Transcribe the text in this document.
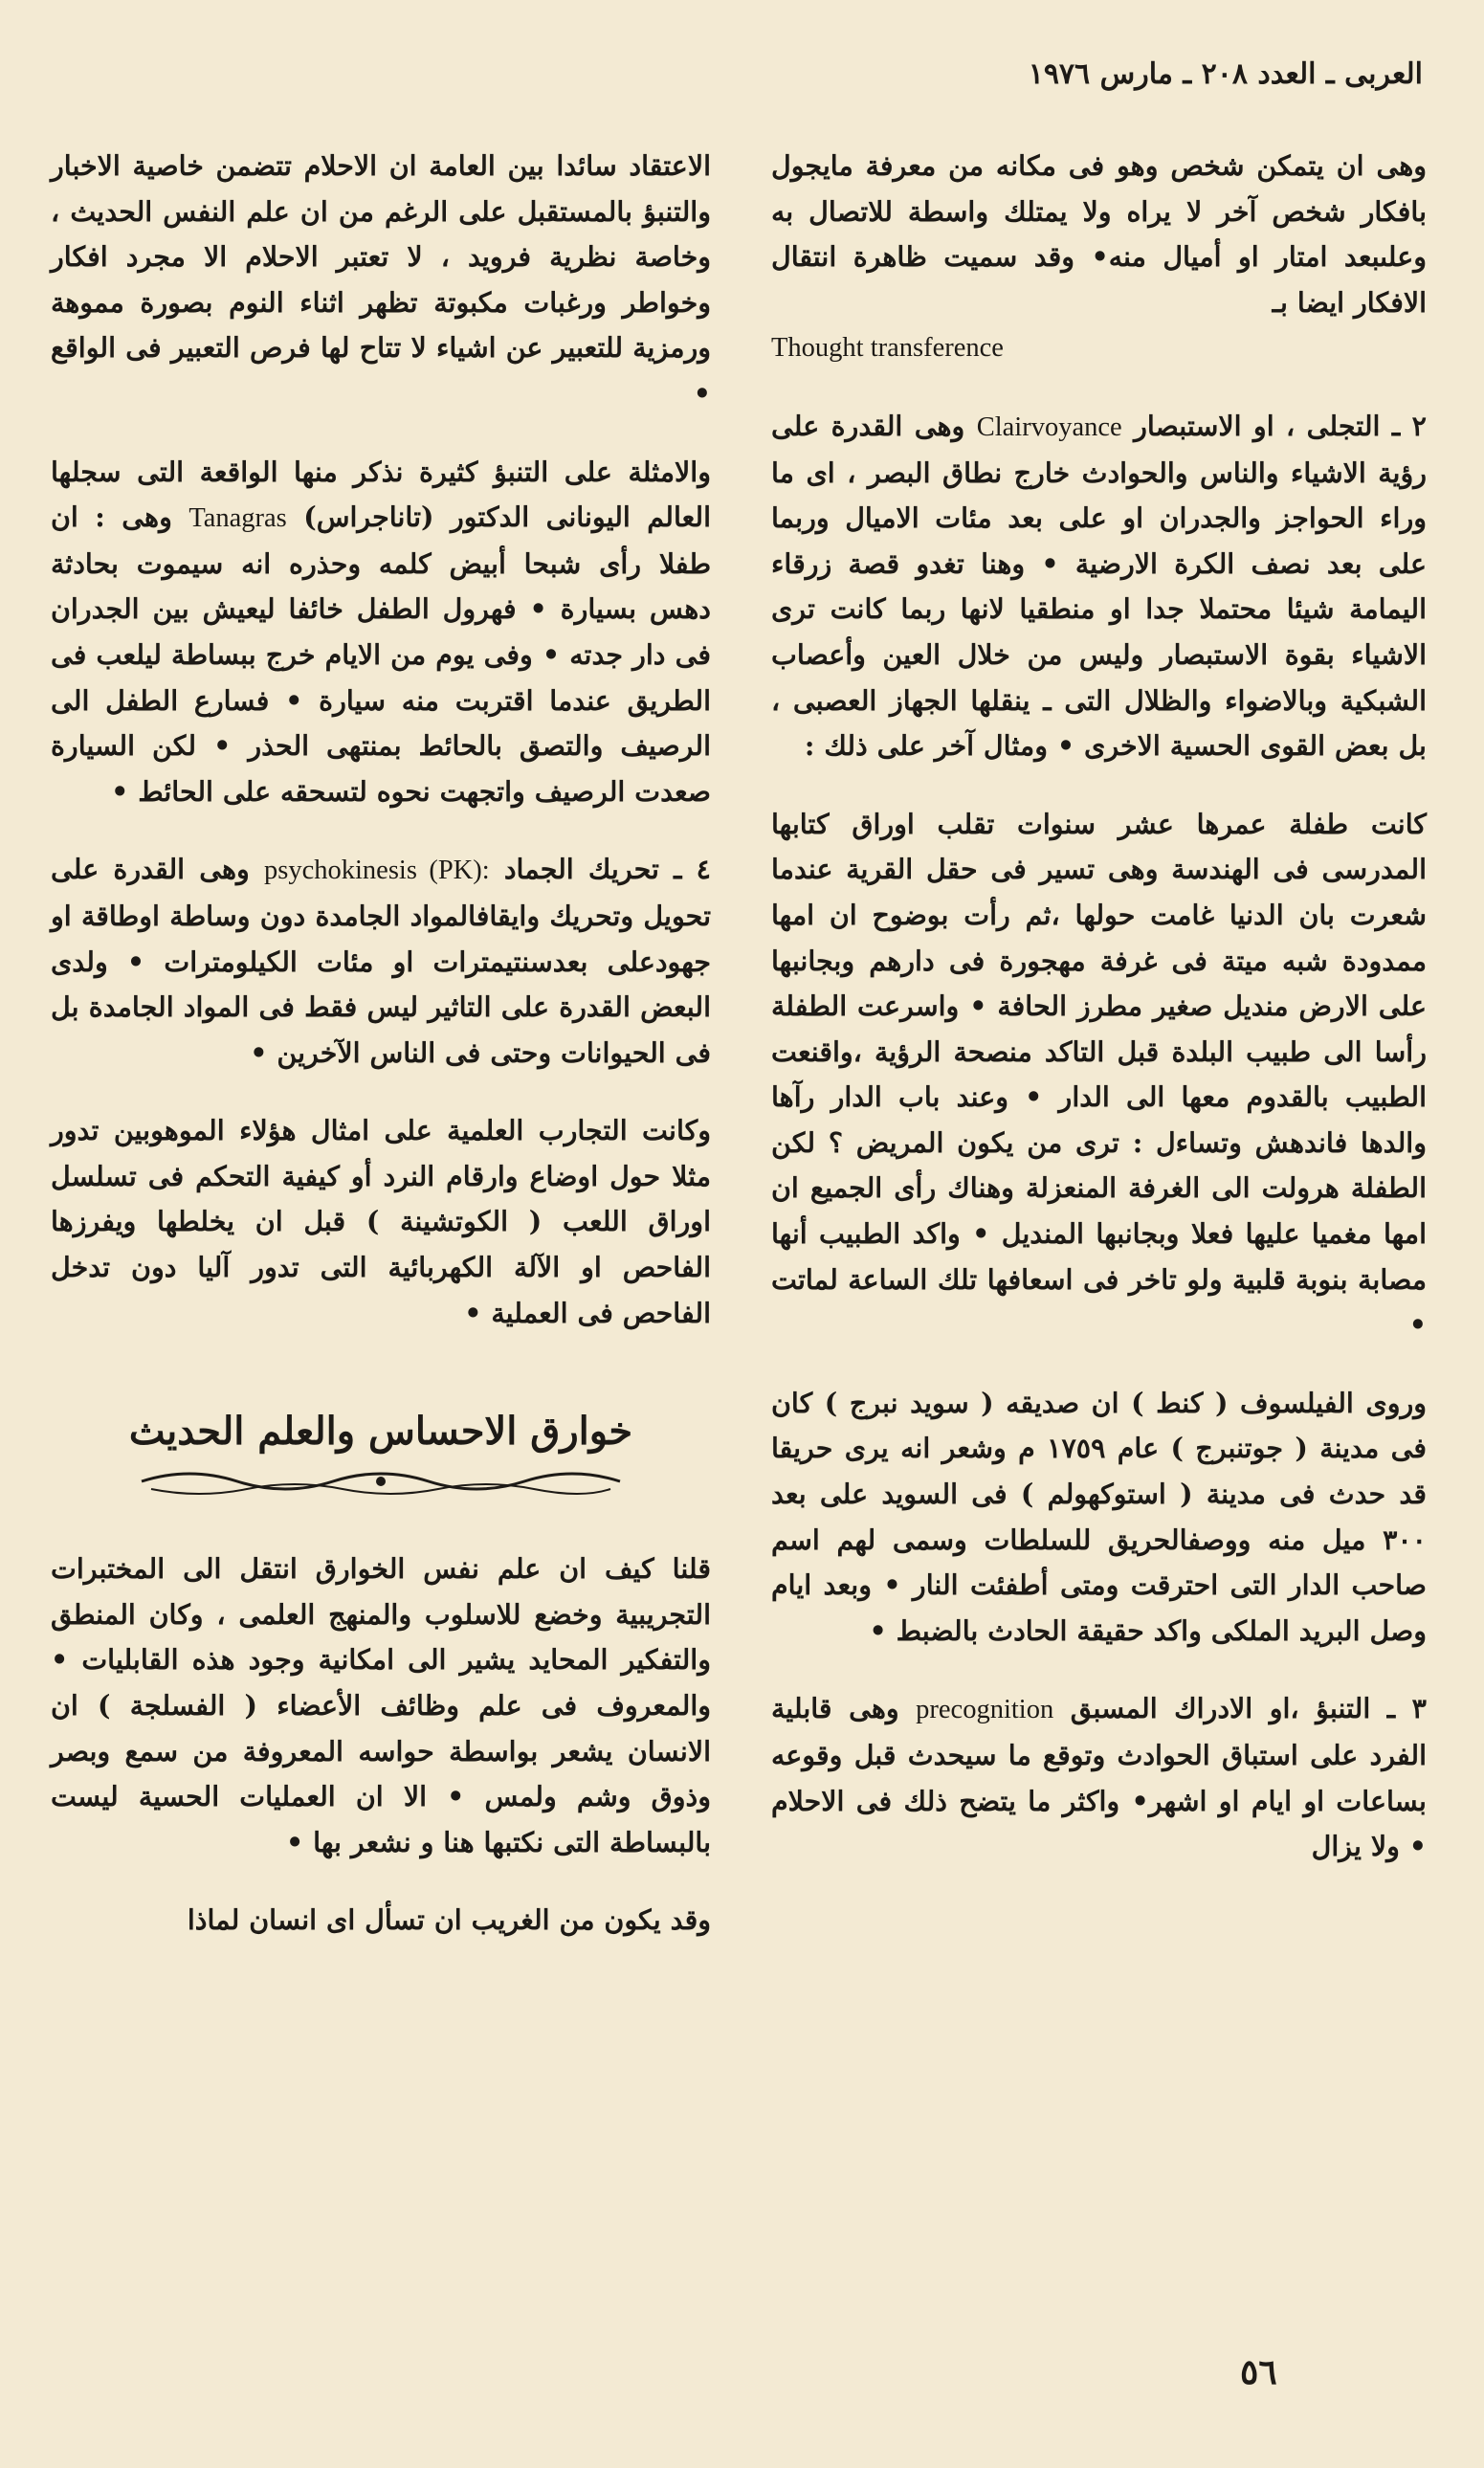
العربى ـ العدد ٢٠٨ ـ مارس ١٩٧٦

وهى ان يتمكن شخص وهو فى مكانه من معرفة مايجول بافكار شخص آخر لا يراه ولا يمتلك واسطة للاتصال به وعلىبعد امتار او أميال منه• وقد سميت ظاهرة انتقال الافكار ايضا بـ

Thought transference

٢ ـ التجلى ، او الاستبصار Clairvoyance وهى القدرة على رؤية الاشياء والناس والحوادث خارج نطاق البصر ، اى ما وراء الحواجز والجدران او على بعد مئات الاميال وربما على بعد نصف الكرة الارضية • وهنا تغدو قصة زرقاء اليمامة شيئا محتملا جدا او منطقيا لانها ربما كانت ترى الاشياء بقوة الاستبصار وليس من خلال العين وأعصاب الشبكية وبالاضواء والظلال التى ـ ينقلها الجهاز العصبى ، بل بعض القوى الحسية الاخرى • ومثال آخر على ذلك :

كانت طفلة عمرها عشر سنوات تقلب اوراق كتابها المدرسى فى الهندسة وهى تسير فى حقل القرية عندما شعرت بان الدنيا غامت حولها ،ثم رأت بوضوح ان امها ممدودة شبه ميتة فى غرفة مهجورة فى دارهم وبجانبها على الارض منديل صغير مطرز الحافة • واسرعت الطفلة رأسا الى طبيب البلدة قبل التاكد منصحة الرؤية ،واقنعت الطبيب بالقدوم معها الى الدار • وعند باب الدار رآها والدها فاندهش وتساءل : ترى من يكون المريض ؟ لكن الطفلة هرولت الى الغرفة المنعزلة وهناك رأى الجميع ان امها مغميا عليها فعلا وبجانبها المنديل • واكد الطبيب أنها مصابة بنوبة قلبية ولو تاخر فى اسعافها تلك الساعة لماتت •

وروى الفيلسوف ( كنط ) ان صديقه ( سويد نبرج ) كان فى مدينة ( جوتنبرج ) عام ١٧٥٩ م وشعر انه يرى حريقا قد حدث فى مدينة ( استوكهولم ) فى السويد على بعد ٣٠٠ ميل منه ووصفالحريق للسلطات وسمى لهم اسم صاحب الدار التى احترقت ومتى أطفئت النار • وبعد ايام وصل البريد الملكى واكد حقيقة الحادث بالضبط •

٣ ـ التنبؤ ،او الادراك المسبق precognition وهى قابلية الفرد على استباق الحوادث وتوقع ما سيحدث قبل وقوعه بساعات او ايام او اشهر• واكثر ما يتضح ذلك فى الاحلام • ولا يزال

الاعتقاد سائدا بين العامة ان الاحلام تتضمن خاصية الاخبار والتنبؤ بالمستقبل على الرغم من ان علم النفس الحديث ، وخاصة نظرية فرويد ، لا تعتبر الاحلام الا مجرد افكار وخواطر ورغبات مكبوتة تظهر اثناء النوم بصورة مموهة ورمزية للتعبير عن اشياء لا تتاح لها فرص التعبير فى الواقع •

والامثلة على التنبؤ كثيرة نذكر منها الواقعة التى سجلها العالم اليونانى الدكتور (تاناجراس) Tanagras وهى : ان طفلا رأى شبحا أبيض كلمه وحذره انه سيموت بحادثة دهس بسيارة • فهرول الطفل خائفا ليعيش بين الجدران فى دار جدته • وفى يوم من الايام خرج ببساطة ليلعب فى الطريق عندما اقتربت منه سيارة • فسارع الطفل الى الرصيف والتصق بالحائط بمنتهى الحذر • لكن السيارة صعدت الرصيف واتجهت نحوه لتسحقه على الحائط •

٤ ـ تحريك الجماد psychokinesis (PK): وهى القدرة على تحويل وتحريك وايقافالمواد الجامدة دون وساطة اوطاقة او جهودعلى بعدسنتيمترات او مئات الكيلومترات • ولدى البعض القدرة على التاثير ليس فقط فى المواد الجامدة بل فى الحيوانات وحتى فى الناس الآخرين •

وكانت التجارب العلمية على امثال هؤلاء الموهوبين تدور مثلا حول اوضاع وارقام النرد أو كيفية التحكم فى تسلسل اوراق اللعب ( الكوتشينة ) قبل ان يخلطها ويفرزها الفاحص او الآلة الكهربائية التى تدور آليا دون تدخل الفاحص فى العملية •

خوارق الاحساس والعلم الحديث

قلنا كيف ان علم نفس الخوارق انتقل الى المختبرات التجريبية وخضع للاسلوب والمنهج العلمى ، وكان المنطق والتفكير المحايد يشير الى امكانية وجود هذه القابليات • والمعروف فى علم وظائف الأعضاء ( الفسلجة ) ان الانسان يشعر بواسطة حواسه المعروفة من سمع وبصر وذوق وشم ولمس • الا ان العمليات الحسية ليست بالبساطة التى نكتبها هنا و نشعر بها •

وقد يكون من الغريب ان تسأل اى انسان لماذا

٥٦
